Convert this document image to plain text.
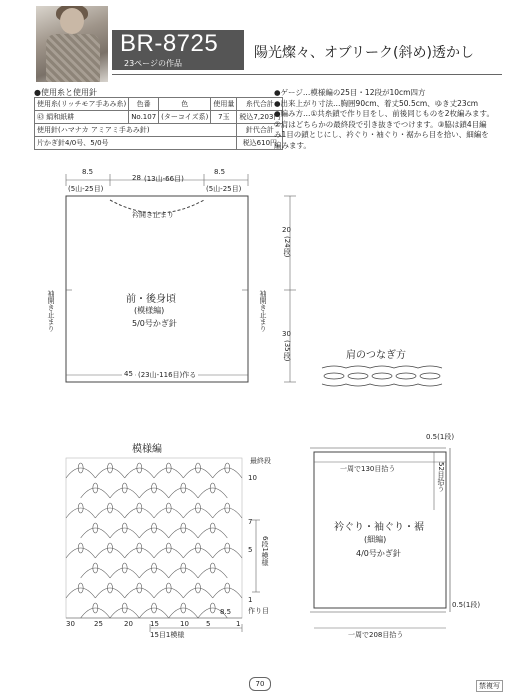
BR-8725
23ページの作品
陽光燦々、オブリーク(斜め)透かし
●使用糸と使用針
使用糸(リッチモア手あみ糸)	色番	色	使用量	糸代合計
㊸ 絹和紙耕	No.107	(ターコイズ系)	7玉	税込7,203円
使用針(ハマナカ アミアミ手あみ針)				針代合計
片かぎ針4/0号、5/0号				税込610円
●ゲージ…模様編の25目・12段が10cm四方
●出来上がり寸法…胸囲90cm、着丈50.5cm、ゆき丈23cm
●編み方…①共糸鎖で作り目をし、前後同じものを2枚編みます。
②肩はどちらかの最終段で引き抜きでつけます。③脇は鎖4目編み1目の鎖とじにし、衿ぐり・袖ぐり・裾から目を拾い、細編を編みます。
8.5
(5山-25目)
28 (13山-66目)
8.5
(5山-25目)
衿開き止まり
袖開き止まり	袖開き止まり
20
(24段)
30
(35段)
45 (23山-116目)作る
前・後身頃
(模様編)
5/0号かぎ針
肩のつなぎ方
模様編
最終段
10
7
5
1
作り目
6段1模様
15目1模様
30	25	20 15	10 5	1
8.5
0.5(1段)
一周で130目拾う	52目拾う
衿ぐり・袖ぐり・裾
(細編)
4/0号かぎ針
0.5(1段)
一周で208目拾う
70	禁複写
